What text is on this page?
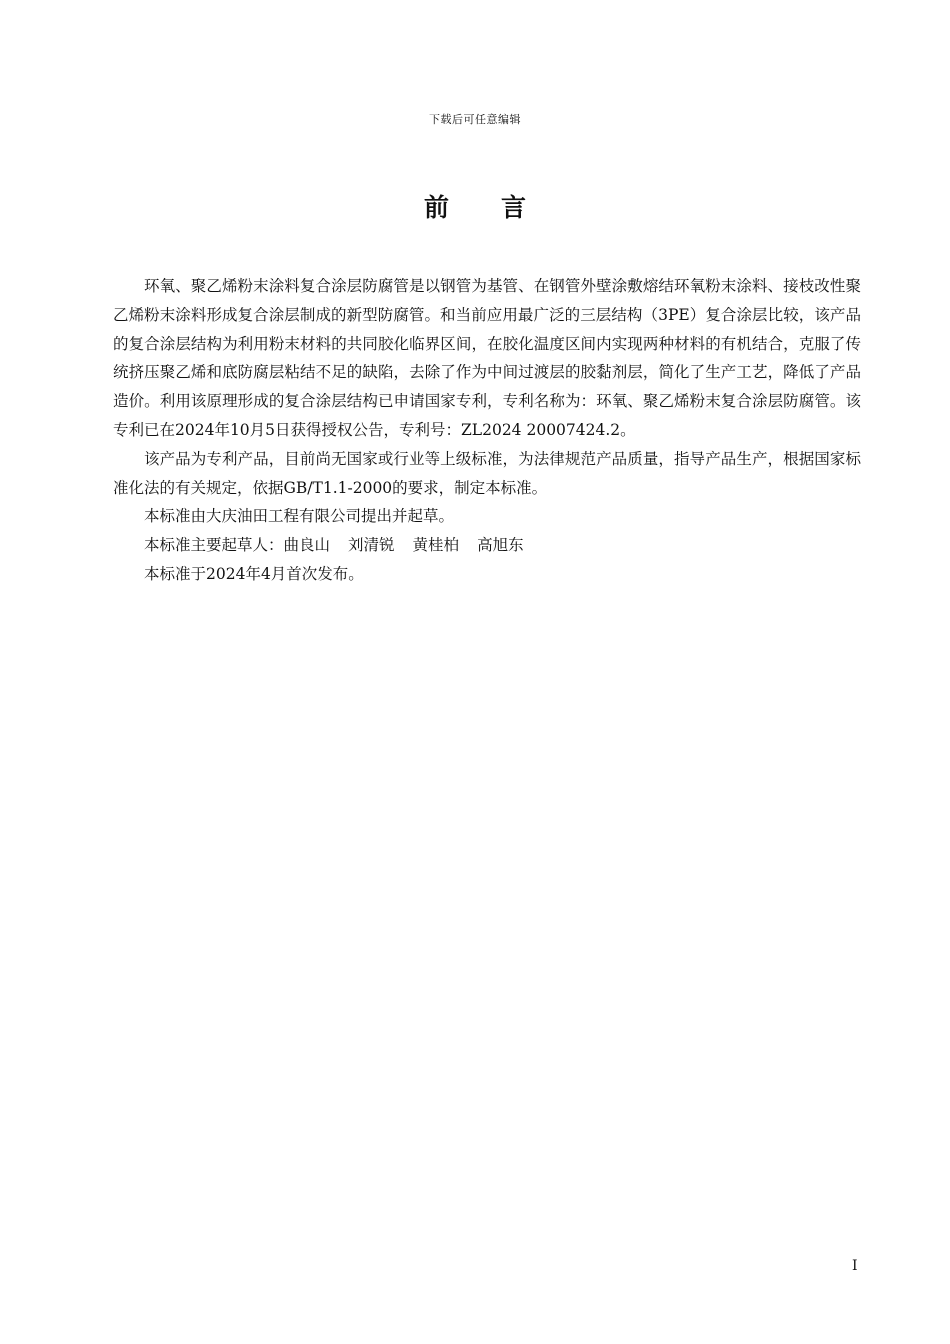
下载后可任意编辑
前言

环氧、聚乙烯粉末涂料复合涂层防腐管是以钢管为基管、在钢管外壁涂敷熔结环氧粉末涂料、接枝改性聚乙烯粉末涂料形成复合涂层制成的新型防腐管。和当前应用最广泛的三层结构（3PE）复合涂层比较，该产品的复合涂层结构为利用粉末材料的共同胶化临界区间，在胶化温度区间内实现两种材料的有机结合，克服了传统挤压聚乙烯和底防腐层粘结不足的缺陷，去除了作为中间过渡层的胶黏剂层，简化了生产工艺，降低了产品造价。利用该原理形成的复合涂层结构已申请国家专利，专利名称为：环氧、聚乙烯粉末复合涂层防腐管。该专利已在2024年10月5日获得授权公告，专利号：ZL2024 20007424.2。

该产品为专利产品，目前尚无国家或行业等上级标准，为法律规范产品质量，指导产品生产，根据国家标准化法的有关规定，依据GB/T1.1-2000的要求，制定本标准。

本标准由大庆油田工程有限公司提出并起草。

本标准主要起草人：曲良山 刘清锐 黄桂柏 高旭东

本标准于2024年4月首次发布。

I
